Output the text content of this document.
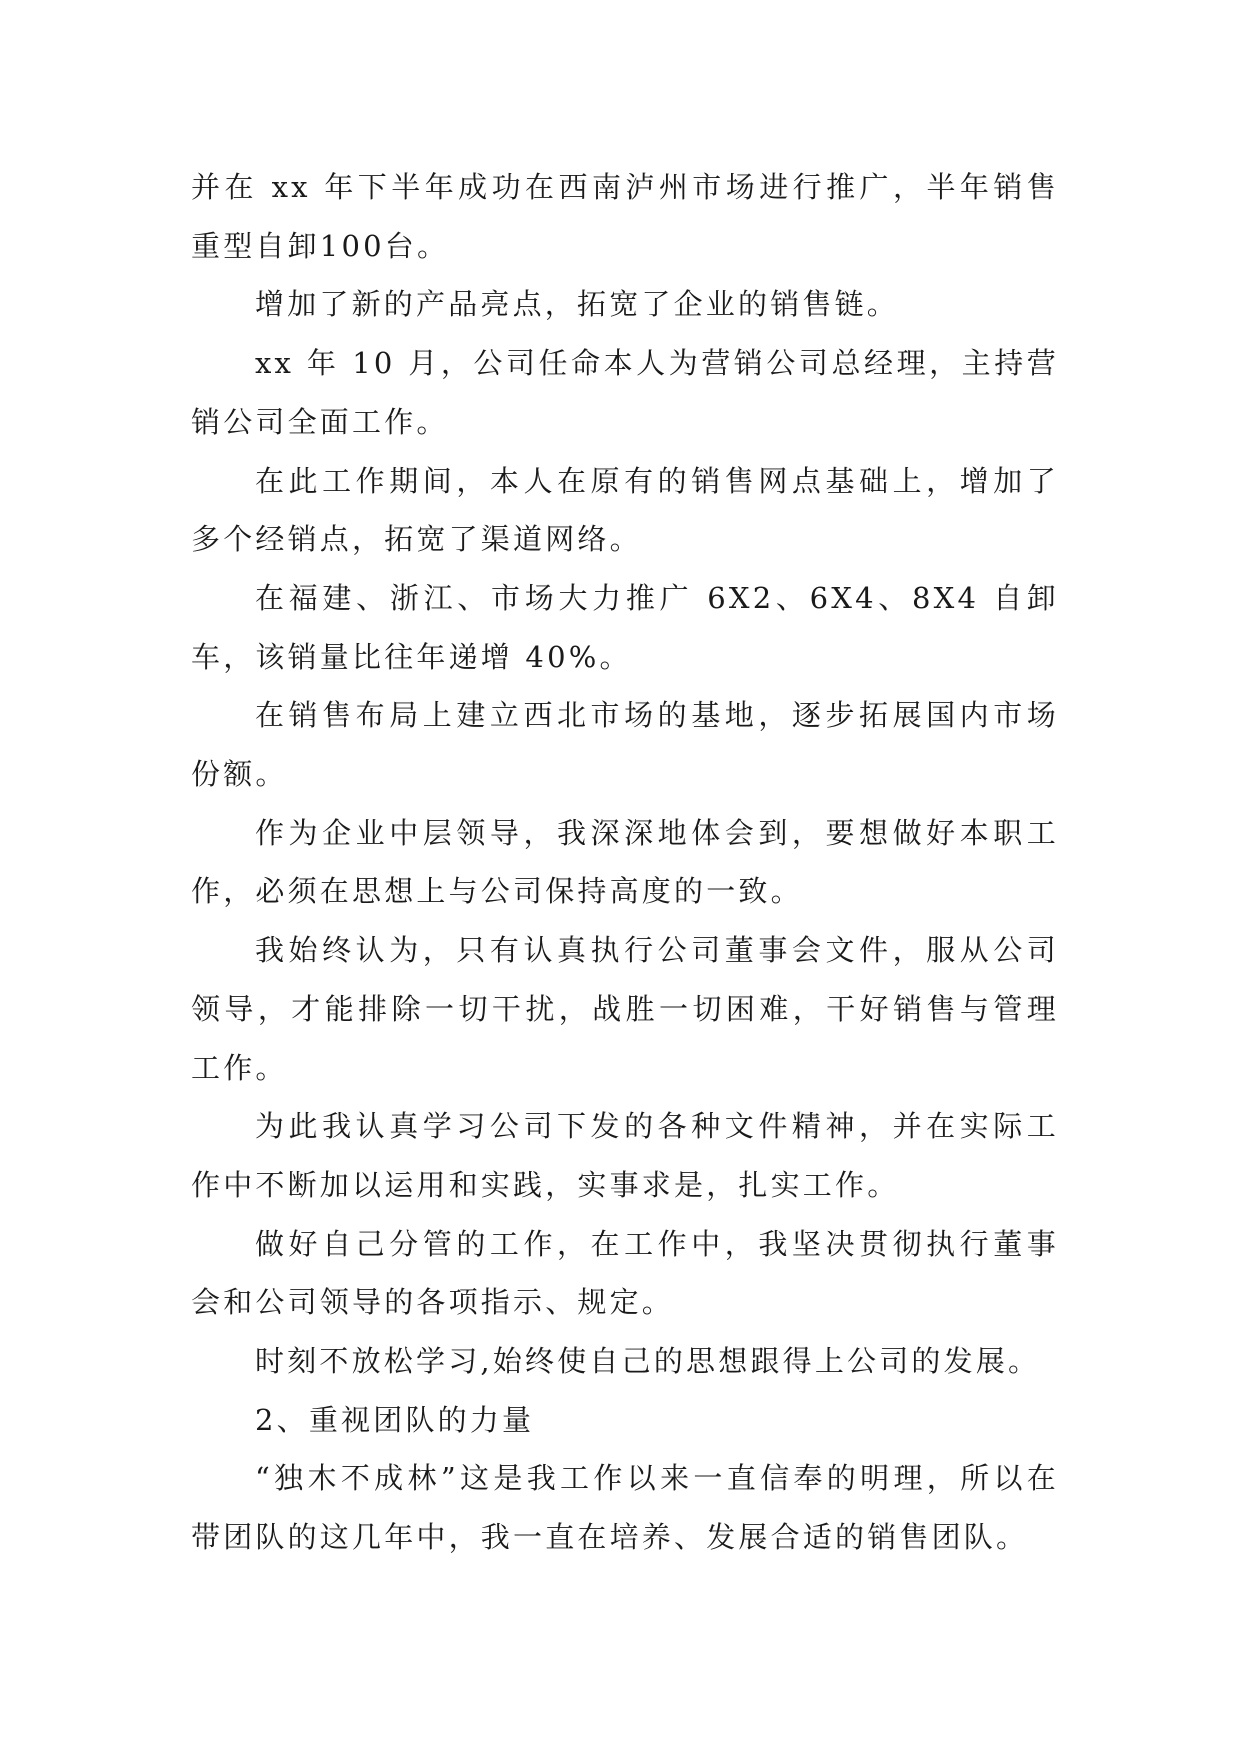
并在 xx 年下半年成功在西南泸州市场进行推广，半年销售重型自卸100台。

增加了新的产品亮点，拓宽了企业的销售链。

xx 年 10 月，公司任命本人为营销公司总经理，主持营销公司全面工作。

在此工作期间，本人在原有的销售网点基础上，增加了多个经销点，拓宽了渠道网络。

在福建、浙江、市场大力推广 6X2、6X4、8X4 自卸车，该销量比往年递增 40%。

在销售布局上建立西北市场的基地，逐步拓展国内市场份额。

作为企业中层领导，我深深地体会到，要想做好本职工作，必须在思想上与公司保持高度的一致。

我始终认为，只有认真执行公司董事会文件，服从公司领导，才能排除一切干扰，战胜一切困难，干好销售与管理工作。

为此我认真学习公司下发的各种文件精神，并在实际工作中不断加以运用和实践，实事求是，扎实工作。

做好自己分管的工作，在工作中，我坚决贯彻执行董事会和公司领导的各项指示、规定。

时刻不放松学习,始终使自己的思想跟得上公司的发展。

2、重视团队的力量

“独木不成林”这是我工作以来一直信奉的明理，所以在带团队的这几年中，我一直在培养、发展合适的销售团队。
